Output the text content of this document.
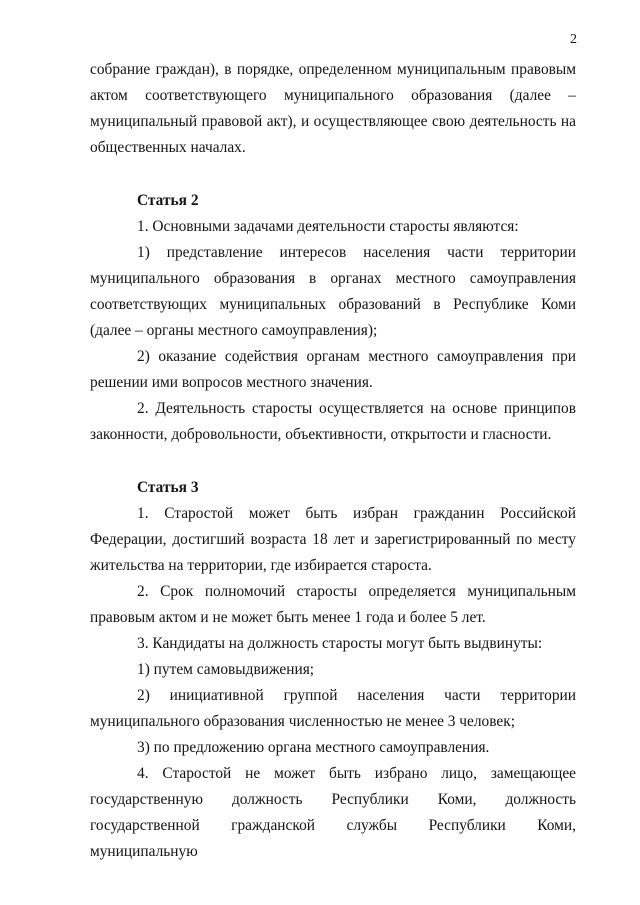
2

собрание граждан), в порядке, определенном муниципальным правовым актом соответствующего муниципального образования (далее – муниципальный правовой акт), и осуществляющее свою деятельность на общественных началах.

Статья 2

1. Основными задачами деятельности старосты являются:

1) представление интересов населения части территории муниципального образования в органах местного самоуправления соответствующих муниципальных образований в Республике Коми (далее – органы местного самоуправления);

2) оказание содействия органам местного самоуправления при решении ими вопросов местного значения.

2. Деятельность старосты осуществляется на основе принципов законности, добровольности, объективности, открытости и гласности.

Статья 3

1. Старостой может быть избран гражданин Российской Федерации, достигший возраста 18 лет и зарегистрированный по месту жительства на территории, где избирается староста.

2. Срок полномочий старосты определяется муниципальным правовым актом и не может быть менее 1 года и более 5 лет.

3. Кандидаты на должность старосты могут быть выдвинуты:

1) путем самовыдвижения;

2) инициативной группой населения части территории муниципального образования численностью не менее 3 человек;

3) по предложению органа местного самоуправления.

4. Старостой не может быть избрано лицо, замещающее государственную должность Республики Коми, должность государственной гражданской службы Республики Коми, муниципальную
